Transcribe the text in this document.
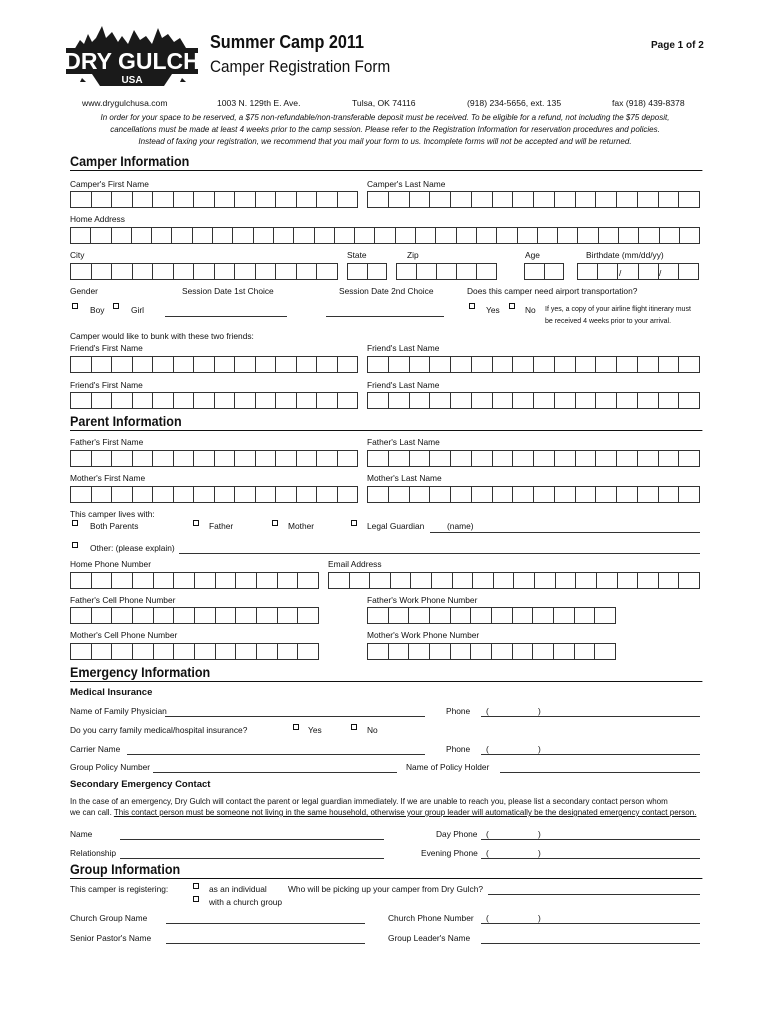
DRY GULCH
USA
Summer Camp 2011
Camper Registration Form
Page 1 of 2
www.drygulchusa.com	1003 N. 129th E. Ave.	Tulsa, OK 74116	(918) 234-5656, ext. 135	fax (918) 439-8378
In order for your space to be reserved, a $75 non-refundable/non-transferable deposit must be received. To be eligible for a refund, not including the $75 deposit,
cancellations must be made at least 4 weeks prior to the camp session. Please refer to the Registration Information for reservation procedures and policies.
Instead of faxing your registration, we recommend that you mail your form to us. Incomplete forms will not be accepted and will be returned.
Camper Information
Camper's First Name	Camper's Last Name
Home Address
City	State	Zip	Age	Birthdate (mm/dd/yy)
/	/
Gender	Session Date 1st Choice	Session Date 2nd Choice	Does this camper need airport transportation?
Boy	Girl	Yes	No If yes, a copy of your airline flight itinerary must
be received 4 weeks prior to your arrival.
Camper would like to bunk with these two friends:
Friend's First Name	Friend's Last Name
Friend's First Name	Friend's Last Name
Parent Information
Father's First Name	Father's Last Name
Mother's First Name	Mother's Last Name
This camper lives with:
Both Parents	Father	Mother	Legal Guardian	(name)
Other: (please explain)
Home Phone Number	Email Address
Father's Cell Phone Number	Father's Work Phone Number
Mother's Cell Phone Number	Mother's Work Phone Number
Emergency Information
Medical Insurance
Name of Family Physician	Phone (	)
Do you carry family medical/hospital insurance?	Yes	No
Carrier Name	Phone (	)
Group Policy Number	Name of Policy Holder
Secondary Emergency Contact
In the case of an emergency, Dry Gulch will contact the parent or legal guardian immediately. If we are unable to reach you, please list a secondary contact person whom
we can call. This contact person must be someone not living in the same household, otherwise your group leader will automatically be the designated emergency contact person.
Name	Day Phone (	)
Relationship	Evening Phone (	)
Group Information
This camper is registering:	as an individual
with a church group
Who will be picking up your camper from Dry Gulch?
Church Group Name	Church Phone Number (	)
Senior Pastor's Name	Group Leader's Name
